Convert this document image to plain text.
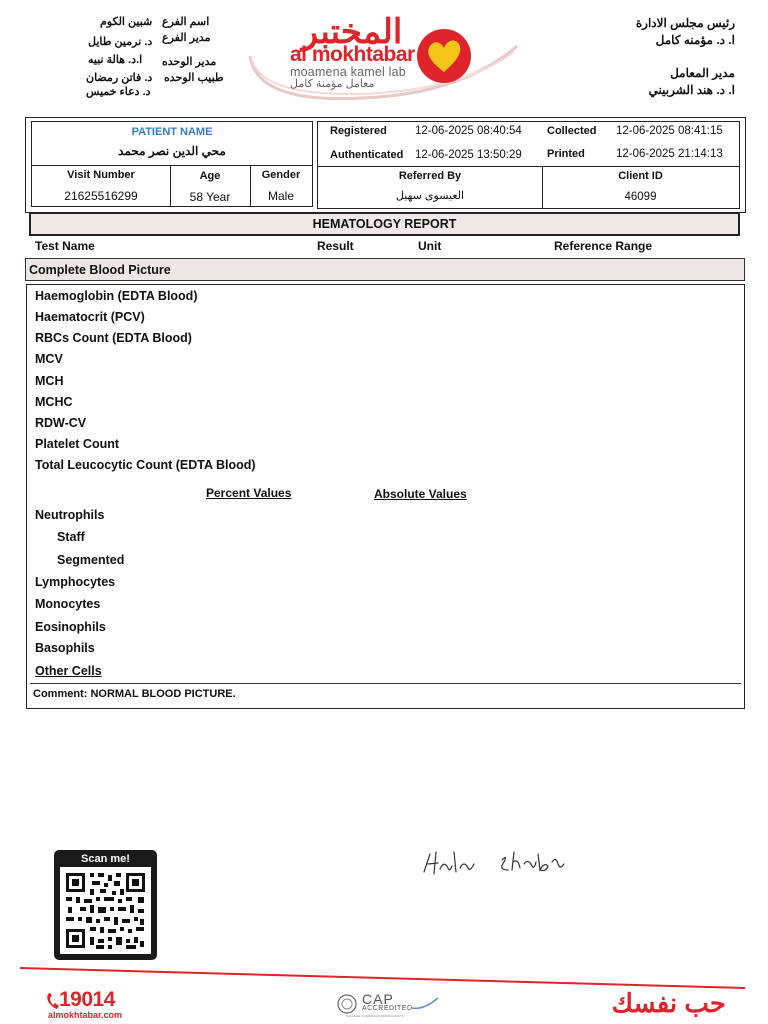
شبين الكوم اسم الفرع
د. نرمين طايل مدير الفرع
ا.د. هالة نبيه مدير الوحده
د. فاتن رمضان طبيب الوحده
د. دعاء خميس
المختبر
al mokhtabar
moamena kamel lab
معامل مؤمنة كامل
رئيس مجلس الادارة
ا. د. مؤمنه كامل
مدير المعامل
ا. د. هند الشربيني
PATIENT NAME
محي الدين نصر محمد
Visit Number
21625516299
Age
58 Year
Gender
Male
Registered 12-06-2025 08:40:54 Collected 12-06-2025 08:41:15
Authenticated 12-06-2025 13:50:29 Printed	12-06-2025 21:14:13
Referred By
العيسوى سهيل
Client ID
46099
HEMATOLOGY REPORT
Test Name	Result	Unit	Reference Range
Complete Blood Picture
Haemoglobin (EDTA Blood)
Haematocrit (PCV)
RBCs Count (EDTA Blood)
MCV
MCH
MCHC
RDW-CV
Platelet Count
Total Leucocytic Count (EDTA Blood)
Percent Values	Absolute Values
Neutrophils
Staff
Segmented
Lymphocytes
Monocytes
Eosinophils
Basophils
Other Cells
Comment: NORMAL BLOOD PICTURE.
Scan me!
19014
almokhtabar.com
CAP
ACCREDITED
COLLEGE of AMERICAN PATHOLOGISTS	حب نفسك
